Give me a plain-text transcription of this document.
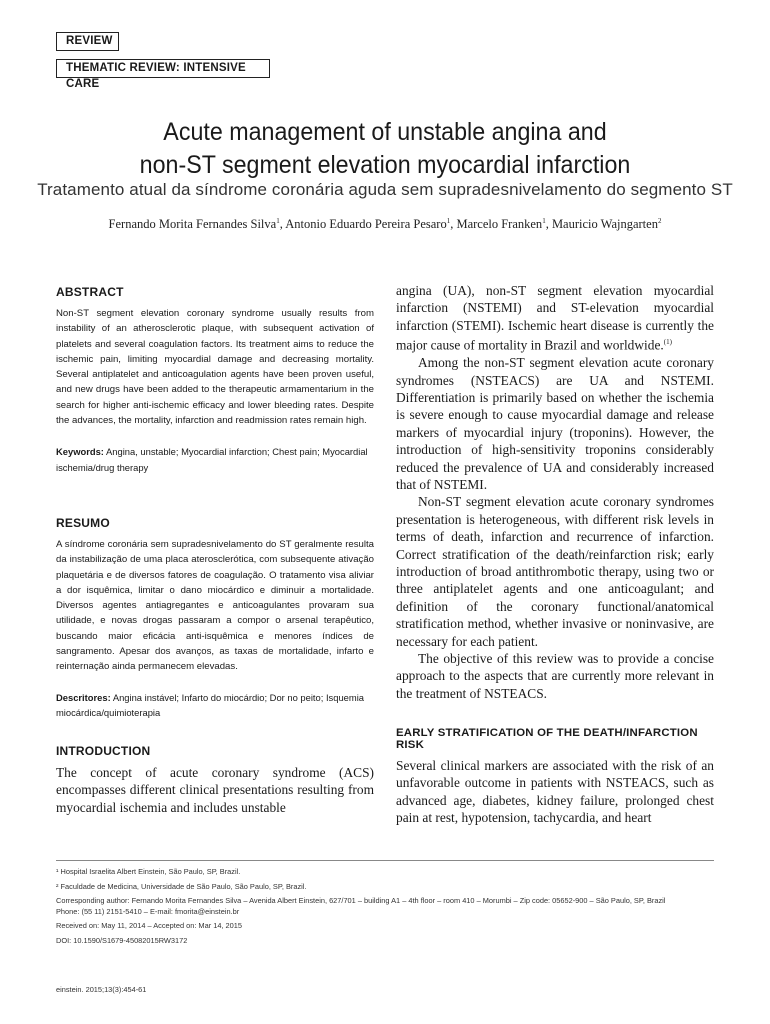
REVIEW
THEMATIC REVIEW: INTENSIVE CARE
Acute management of unstable angina and
non-ST segment elevation myocardial infarction

Tratamento atual da síndrome coronária aguda sem supradesnivelamento do segmento ST

Fernando Morita Fernandes Silva$^1$, Antonio Eduardo Pereira Pesaro$^1$, Marcelo Franken$^1$, Mauricio Wajngarten$^2$

ABSTRACT

Non-ST segment elevation coronary syndrome usually results from instability of an atherosclerotic plaque, with subsequent activation of platelets and several coagulation factors. Its treatment aims to reduce the ischemic pain, limiting myocardial damage and decreasing mortality. Several antiplatelet and anticoagulation agents have been proven useful, and new drugs have been added to the therapeutic armamentarium in the search for higher anti-ischemic efficacy and lower bleeding rates. Despite the advances, the mortality, infarction and readmission rates remain high.

Keywords: Angina, unstable; Myocardial infarction; Chest pain; Myocardial ischemia/drug therapy

RESUMO

A síndrome coronária sem supradesnivelamento do ST geralmente resulta da instabilização de uma placa aterosclerótica, com subsequente ativação plaquetária e de diversos fatores de coagulação. O tratamento visa aliviar a dor isquêmica, limitar o dano miocárdico e diminuir a mortalidade. Diversos agentes antiagregantes e anticoagulantes provaram sua utilidade, e novas drogas passaram a compor o arsenal terapêutico, buscando maior eficácia anti-isquêmica e menores índices de sangramento. Apesar dos avanços, as taxas de mortalidade, infarto e reinternação ainda permanecem elevadas.

Descritores: Angina instável; Infarto do miocárdio; Dor no peito; Isquemia miocárdica/quimioterapia

INTRODUCTION

The concept of acute coronary syndrome (ACS) encompasses different clinical presentations resulting from myocardial ischemia and includes unstable

angina (UA), non-ST segment elevation myocardial infarction (NSTEMI) and ST-elevation myocardial infarction (STEMI). Ischemic heart disease is currently the major cause of mortality in Brazil and worldwide.$^{(1)}$

Among the non-ST segment elevation acute coronary syndromes (NSTEACS) are UA and NSTEMI. Differentiation is primarily based on whether the ischemia is severe enough to cause myocardial damage and release markers of myocardial injury (troponins). However, the introduction of high-sensitivity troponins considerably reduced the prevalence of UA and considerably increased that of NSTEMI.

Non-ST segment elevation acute coronary syndromes presentation is heterogeneous, with different risk levels in terms of death, infarction and recurrence of infarction. Correct stratification of the death/reinfarction risk; early introduction of broad antithrombotic therapy, using two or three antiplatelet agents and one anticoagulant; and definition of the coronary functional/anatomical stratification method, whether invasive or noninvasive, are necessary for each patient.

The objective of this review was to provide a concise approach to the aspects that are currently more relevant in the treatment of NSTEACS.

EARLY STRATIFICATION OF THE DEATH/INFARCTION RISK

Several clinical markers are associated with the risk of an unfavorable outcome in patients with NSTEACS, such as advanced age, diabetes, kidney failure, prolonged chest pain at rest, hypotension, tachycardia, and heart

¹ Hospital Israelita Albert Einstein, São Paulo, SP, Brazil.
² Faculdade de Medicina, Universidade de São Paulo, São Paulo, SP, Brazil.
Corresponding author: Fernando Morita Fernandes Silva – Avenida Albert Einstein, 627/701 – building A1 – 4th floor – room 410 – Morumbi – Zip code: 05652-900 – São Paulo, SP, Brazil
Phone: (55 11) 2151-5410 – E-mail: fmorita@einstein.br
Received on: May 11, 2014 – Accepted on: Mar 14, 2015
DOI: 10.1590/S1679-45082015RW3172
einstein. 2015;13(3):454-61
